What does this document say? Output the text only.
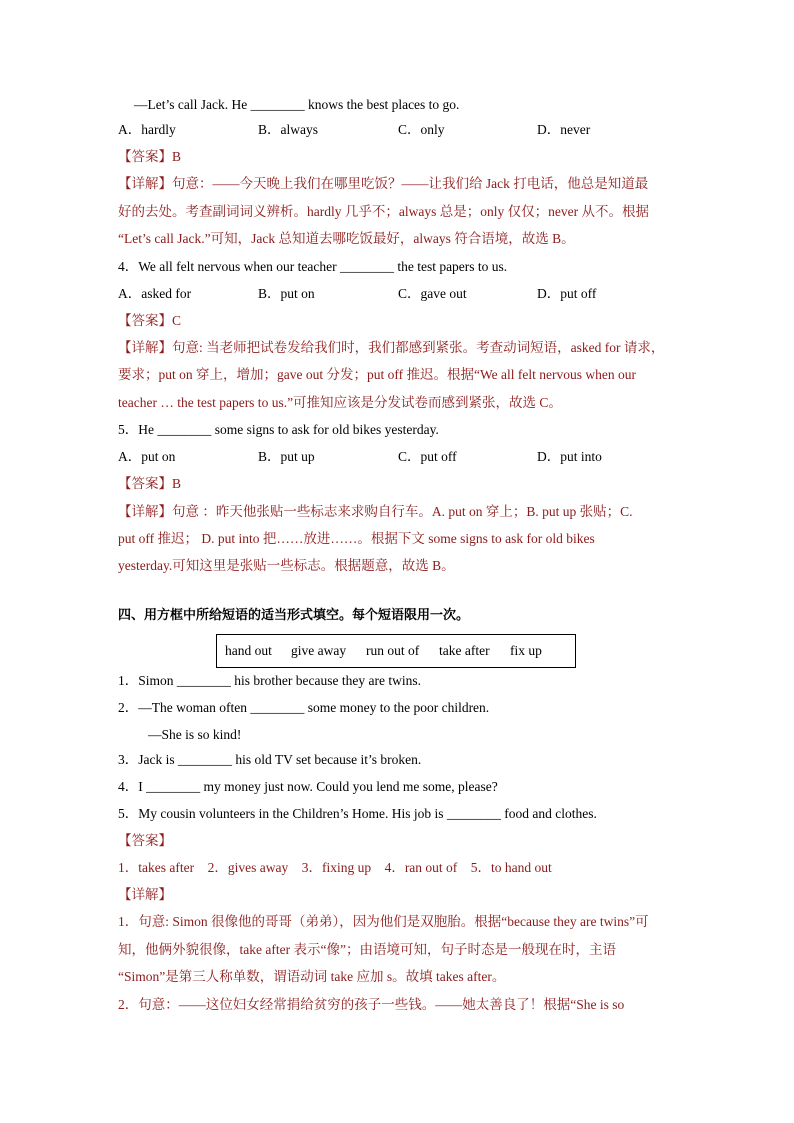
—Let’s call Jack. He ________ knows the best places to go.
A．hardly	B．always	C．only	D．never
【答案】B
【详解】句意：——今天晚上我们在哪里吃饭？——让我们给 Jack 打电话，他总是知道最
好的去处。考查副词词义辨析。hardly 几乎不；always 总是；only 仅仅；never 从不。根据
“Let’s call Jack.”可知，Jack 总知道去哪吃饭最好，always 符合语境，故选 B。
4．We all felt nervous when our teacher ________ the test papers to us.
A．asked for	B．put on	C．gave out	D．put off
【答案】C
【详解】句意: 当老师把试卷发给我们时，我们都感到紧张。考查动词短语，asked for 请求，
要求；put on 穿上，增加；gave out 分发；put off 推迟。根据“We all felt nervous when our
teacher … the test papers to us.”可推知应该是分发试卷而感到紧张，故选 C。
5．He ________ some signs to ask for old bikes yesterday.
A．put on	B．put up	C．put off	D．put into
【答案】B
【详解】句意 ：昨天他张贴一些标志来求购自行车。A. put on 穿上；B. put up 张贴；C.
put off 推迟； D. put into 把……放进……。根据下文 some signs to ask for old bikes
yesterday.可知这里是张贴一些标志。根据题意，故选 B。
四、用方框中所给短语的适当形式填空。每个短语限用一次。
hand out give away run out of take after fix up
1．Simon ________ his brother because they are twins.
2．—The woman often ________ some money to the poor children.
—She is so kind!
3．Jack is ________ his old TV set because it’s broken.
4．I ________ my money just now. Could you lend me some, please?
5．My cousin volunteers in the Children’s Home. His job is ________ food and clothes.
【答案】
1．takes after　2．gives away　3．fixing up　4．ran out of　5．to hand out
【详解】
1．句意: Simon 很像他的哥哥（弟弟），因为他们是双胞胎。根据“because they are twins”可
知，他俩外貌很像，take after 表示“像”；由语境可知，句子时态是一般现在时，主语
“Simon”是第三人称单数，谓语动词 take 应加 s。故填 takes after。
2．句意：——这位妇女经常捐给贫穷的孩子一些钱。——她太善良了！根据“She is so
